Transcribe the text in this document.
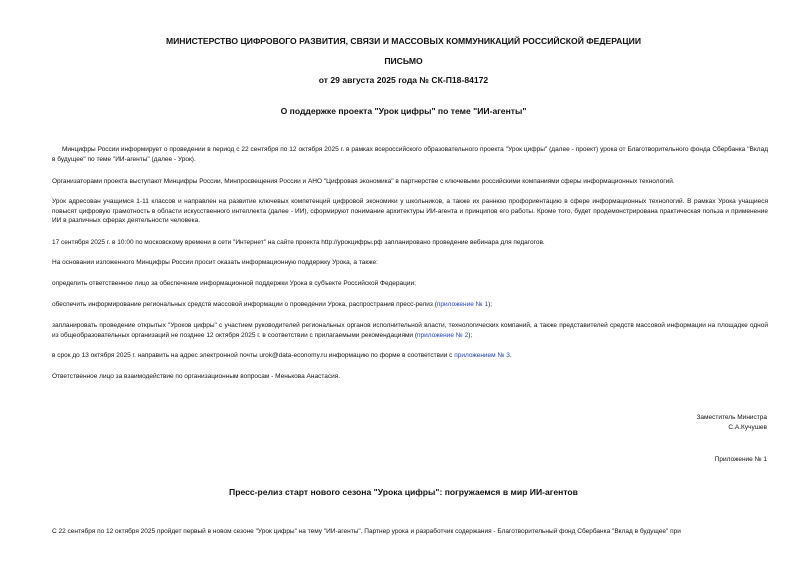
МИНИСТЕРСТВО ЦИФРОВОГО РАЗВИТИЯ, СВЯЗИ И МАССОВЫХ КОММУНИКАЦИЙ РОССИЙСКОЙ ФЕДЕРАЦИИ
ПИСЬМО
от 29 августа 2025 года № СК-П18-84172
О поддержке проекта "Урок цифры" по теме "ИИ-агенты"
Минцифры России информирует о проведении в период с 22 сентября по 12 октября 2025 г. в рамках всероссийского образовательного проекта "Урок цифры" (далее - проект) урока от Благотворительного фонда Сбербанка "Вклад в будущее" по теме "ИИ-агенты" (далее - Урок).
Организаторами проекта выступают Минцифры России, Минпросвещения России и АНО "Цифровая экономика" в партнерстве с ключевыми российскими компаниями сферы информационных технологий.
Урок адресован учащимся 1-11 классов и направлен на развитие ключевых компетенций цифровой экономики у школьников, а также их раннюю профориентацию в сфере информационных технологий. В рамках Урока учащиеся повысят цифровую грамотность в области искусственного интеллекта (далее - ИИ), сформируют понимание архитектуры ИИ-агента и принципов его работы. Кроме того, будет продемонстрирована практическая польза и применение ИИ в различных сферах деятельности человека.
17 сентября 2025 г. в 10:00 по московскому времени в сети "Интернет" на сайте проекта http://урокцифры.рф запланировано проведение вебинара для педагогов.
На основании изложенного Минцифры России просит оказать информационную поддержку Урока, а также:
определить ответственное лицо за обеспечение информационной поддержки Урока в субъекте Российской Федерации;
обеспечить информирование региональных средств массовой информации о проведении Урока, распространив пресс-релиз (приложение № 1);
запланировать проведение открытых "Уроков цифры" с участием руководителей региональных органов исполнительной власти, технологических компаний, а также представителей средств массовой информации на площадке одной из общеобразовательных организаций не позднее 12 октября 2025 г. в соответствии с прилагаемыми рекомендациями (приложение № 2);
в срок до 13 октября 2025 г. направить на адрес электронной почты urok@data-economy.ru информацию по форме в соответствии с приложением № 3.
Ответственное лицо за взаимодействие по организационным вопросам - Менькова Анастасия.
Заместитель Министра
С.А.Кучушев
Приложение № 1
Пресс-релиз старт нового сезона "Урока цифры": погружаемся в мир ИИ-агентов
С 22 сентября по 12 октября 2025 пройдет первый в новом сезоне "Урок цифры" на тему "ИИ-агенты". Партнер урока и разработчик содержания - Благотворительный фонд Сбербанка "Вклад в будущее" при
